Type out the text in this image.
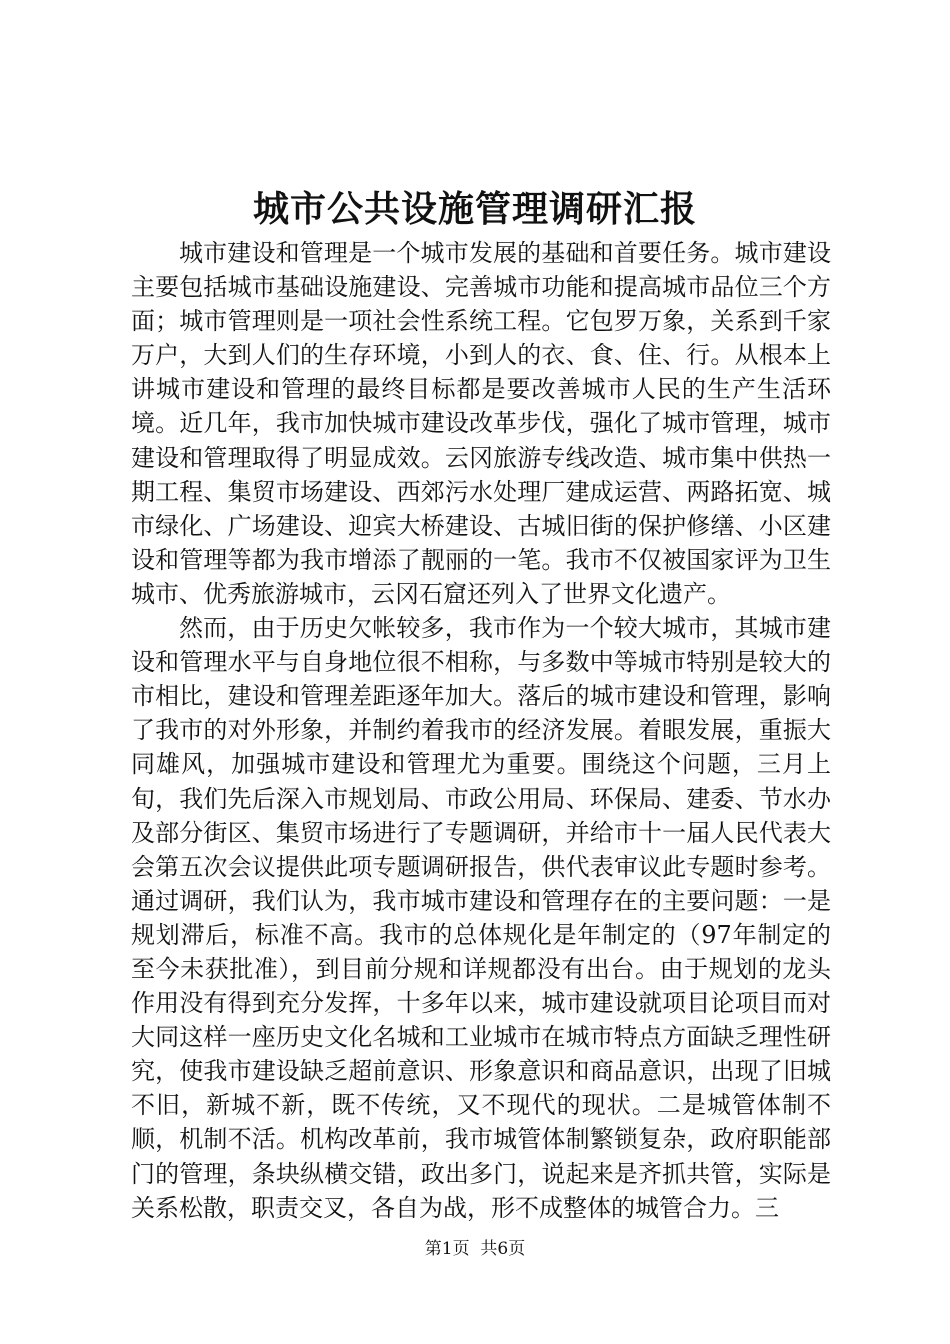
城市公共设施管理调研汇报

城市建设和管理是一个城市发展的基础和首要任务。城市建设主要包括城市基础设施建设、完善城市功能和提高城市品位三个方面；城市管理则是一项社会性系统工程。它包罗万象，关系到千家万户，大到人们的生存环境，小到人的衣、食、住、行。从根本上讲城市建设和管理的最终目标都是要改善城市人民的生产生活环境。近几年，我市加快城市建设改革步伐，强化了城市管理，城市建设和管理取得了明显成效。云冈旅游专线改造、城市集中供热一期工程、集贸市场建设、西郊污水处理厂建成运营、两路拓宽、城市绿化、广场建设、迎宾大桥建设、古城旧街的保护修缮、小区建设和管理等都为我市增添了靓丽的一笔。我市不仅被国家评为卫生城市、优秀旅游城市，云冈石窟还列入了世界文化遗产。

然而，由于历史欠帐较多，我市作为一个较大城市，其城市建设和管理水平与自身地位很不相称，与多数中等城市特别是较大的市相比，建设和管理差距逐年加大。落后的城市建设和管理，影响了我市的对外形象，并制约着我市的经济发展。着眼发展，重振大同雄风，加强城市建设和管理尤为重要。围绕这个问题，三月上旬，我们先后深入市规划局、市政公用局、环保局、建委、节水办及部分街区、集贸市场进行了专题调研，并给市十一届人民代表大会第五次会议提供此项专题调研报告，供代表审议此专题时参考。通过调研，我们认为，我市城市建设和管理存在的主要问题：一是规划滞后，标准不高。我市的总体规化是年制定的（97年制定的至今未获批准），到目前分规和详规都没有出台。由于规划的龙头作用没有得到充分发挥，十多年以来，城市建设就项目论项目而对大同这样一座历史文化名城和工业城市在城市特点方面缺乏理性研究，使我市建设缺乏超前意识、形象意识和商品意识，出现了旧城不旧，新城不新，既不传统，又不现代的现状。二是城管体制不顺，机制不活。机构改革前，我市城管体制繁锁复杂，政府职能部门的管理，条块纵横交错，政出多门，说起来是齐抓共管，实际是关系松散，职责交叉，各自为战，形不成整体的城管合力。三

第1页  共6页
